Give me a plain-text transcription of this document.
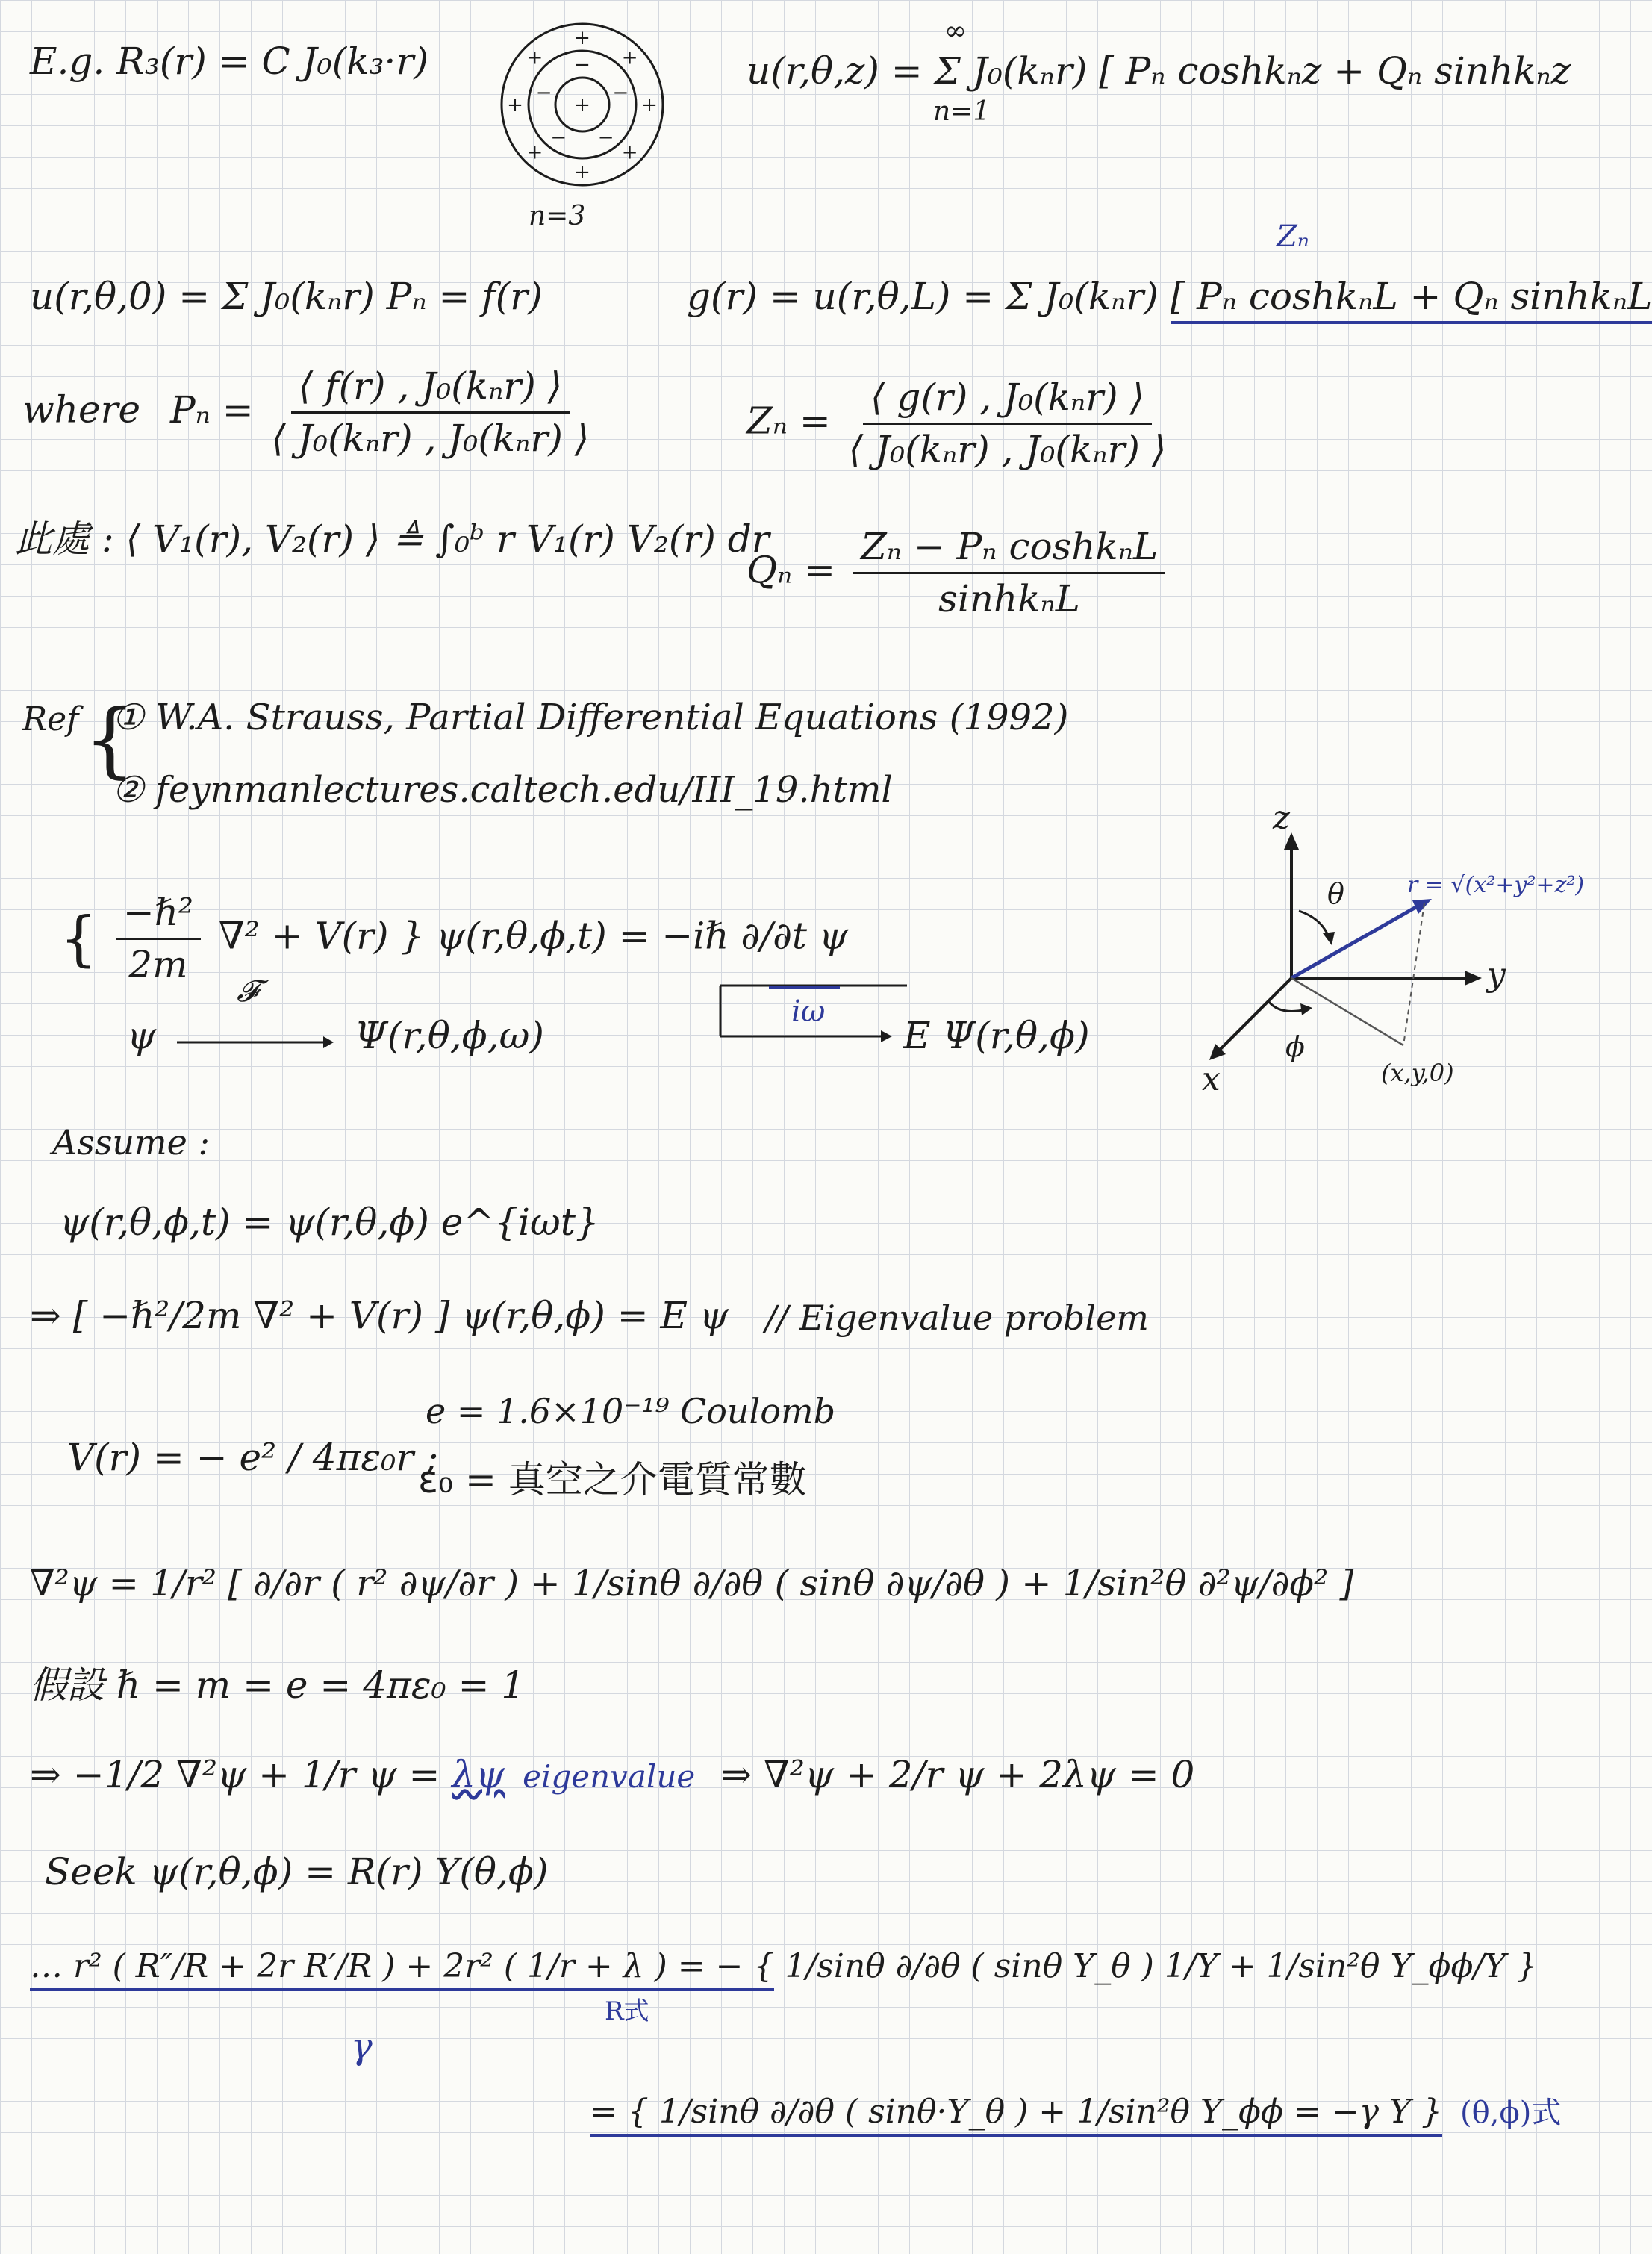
E.g. R₃(r) = C J₀(k₃·r)
+
+
+
+
+
+
+
+ −
−
−
−
−
+
n=3
u(r,θ,z) = Σ J₀(kₙr) [ Pₙ coshkₙz + Qₙ sinhkₙz
∞
n=1
u(r,θ,0) = Σ J₀(kₙr) Pₙ = f(r)
Zₙ
g(r) = u(r,θ,L) = Σ J₀(kₙr) [ Pₙ coshkₙL + Qₙ sinhkₙL
where $P_n = \frac{\text{⟨ f(r) , J₀(kₙr) ⟩}}{\text{⟨ J₀(kₙr) , J₀(kₙr) ⟩}}$	$Z_n = \frac{\text{⟨ g(r) , J₀(kₙr) ⟩}}{\text{⟨ J₀(kₙr) , J₀(kₙr) ⟩}}$
此處 : ⟨ V₁(r), V₂(r) ⟩ ≜ ∫₀ᵇ r V₁(r) V₂(r) dr
$Q_n = \frac{\text{Zₙ − Pₙ coshkₙL}}{\text{sinhkₙL}}$
Ref {
① W.A. Strauss, Partial Differential Equations (1992)
② feynmanlectures.caltech.edu/III_19.html
{ $\frac{\text{−ℏ²}}{2m} \nabla^2 + V(r)$ } ψ(r,θ,ϕ,t) = −iℏ ∂/∂t ψ
ψ
𝓕
Ψ(r,θ,ϕ,ω)
iω
E Ψ(r,θ,ϕ)
z
y
x
θ
ϕ
r = √(x²+y²+z²)
(x,y,0)
Assume :
ψ(r,θ,ϕ,t) = ψ(r,θ,ϕ) e^{iωt}
⇒ [ −ℏ²/2m ∇² + V(r) ] ψ(r,θ,ϕ) = E ψ // Eigenvalue problem
V(r) = − e² / 4πε₀r ;
e = 1.6×10⁻¹⁹ Coulomb
ε₀ = 真空之介電質常數
∇²ψ = 1/r² [ ∂/∂r ( r² ∂ψ/∂r ) + 1/sinθ ∂/∂θ ( sinθ ∂ψ/∂θ ) + 1/sin²θ ∂²ψ/∂ϕ² ]
假設 ℏ = m = e = 4πε₀ = 1
⇒ −1/2 ∇²ψ + 1/r ψ = λψ eigenvalue ⇒ ∇²ψ + 2/r ψ + 2λψ = 0
Seek ψ(r,θ,ϕ) = R(r) Y(θ,ϕ)
… r² ( R″/R + 2r R′/R ) + 2r² ( 1/r + λ ) = − { 1/sinθ ∂/∂θ ( sinθ Y_θ ) 1/Y + 1/sin²θ Y_ϕϕ/Y }
R式
γ
= { 1/sinθ ∂/∂θ ( sinθ·Y_θ ) + 1/sin²θ Y_ϕϕ = −γ Y } (θ,ϕ)式
